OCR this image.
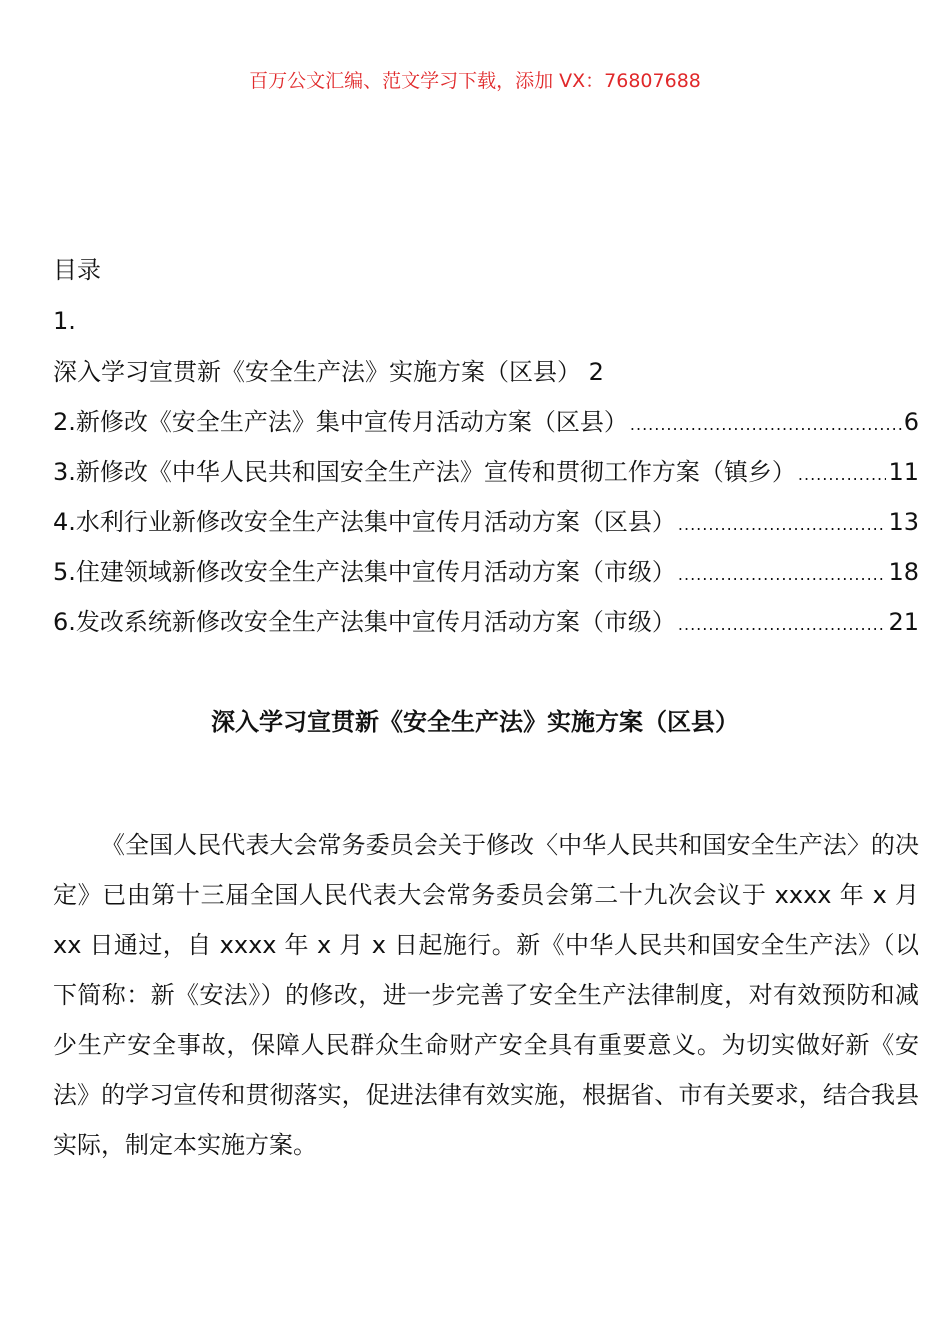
百万公文汇编、范文学习下载，添加 VX：76807688
目录
1.
深入学习宣贯新《安全生产法》实施方案（区县） 2
2.新修改《安全生产法》集中宣传月活动方案（区县） .....	6
3.新修改《中华人民共和国安全生产法》宣传和贯彻工作方案（镇乡） .....	11
4.水利行业新修改安全生产法集中宣传月活动方案（区县） .....	13
5.住建领域新修改安全生产法集中宣传月活动方案（市级） .....	18
6.发改系统新修改安全生产法集中宣传月活动方案（市级） .....	21
深入学习宣贯新《安全生产法》实施方案（区县）

《全国人民代表大会常务委员会关于修改〈中华人民共和国安全生产法〉的决定》已由第十三届全国人民代表大会常务委员会第二十九次会议于 xxxx 年 x 月 xx 日通过，自 xxxx 年 x 月 x 日起施行。新《中华人民共和国安全生产法》（以下简称：新《安法》）的修改，进一步完善了安全生产法律制度，对有效预防和减少生产安全事故，保障人民群众生命财产安全具有重要意义。为切实做好新《安法》的学习宣传和贯彻落实，促进法律有效实施，根据省、市有关要求，结合我县实际，制定本实施方案。
